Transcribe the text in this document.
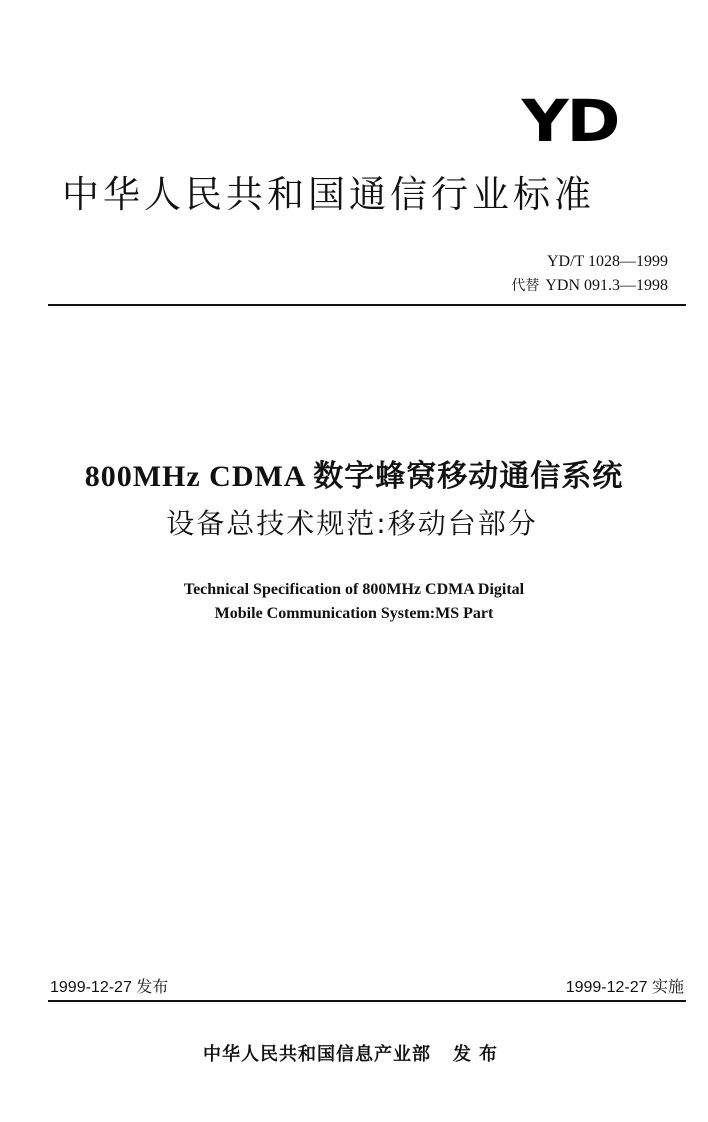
YD
中华人民共和国通信行业标准
YD/T 1028—1999
代替 YDN 091.3—1998
800MHz CDMA 数字蜂窝移动通信系统
设备总技术规范:移动台部分
Technical Specification of 800MHz CDMA Digital
Mobile Communication System:MS Part
1999-12-27 发布	1999-12-27 实施
中华人民共和国信息产业部 发布
